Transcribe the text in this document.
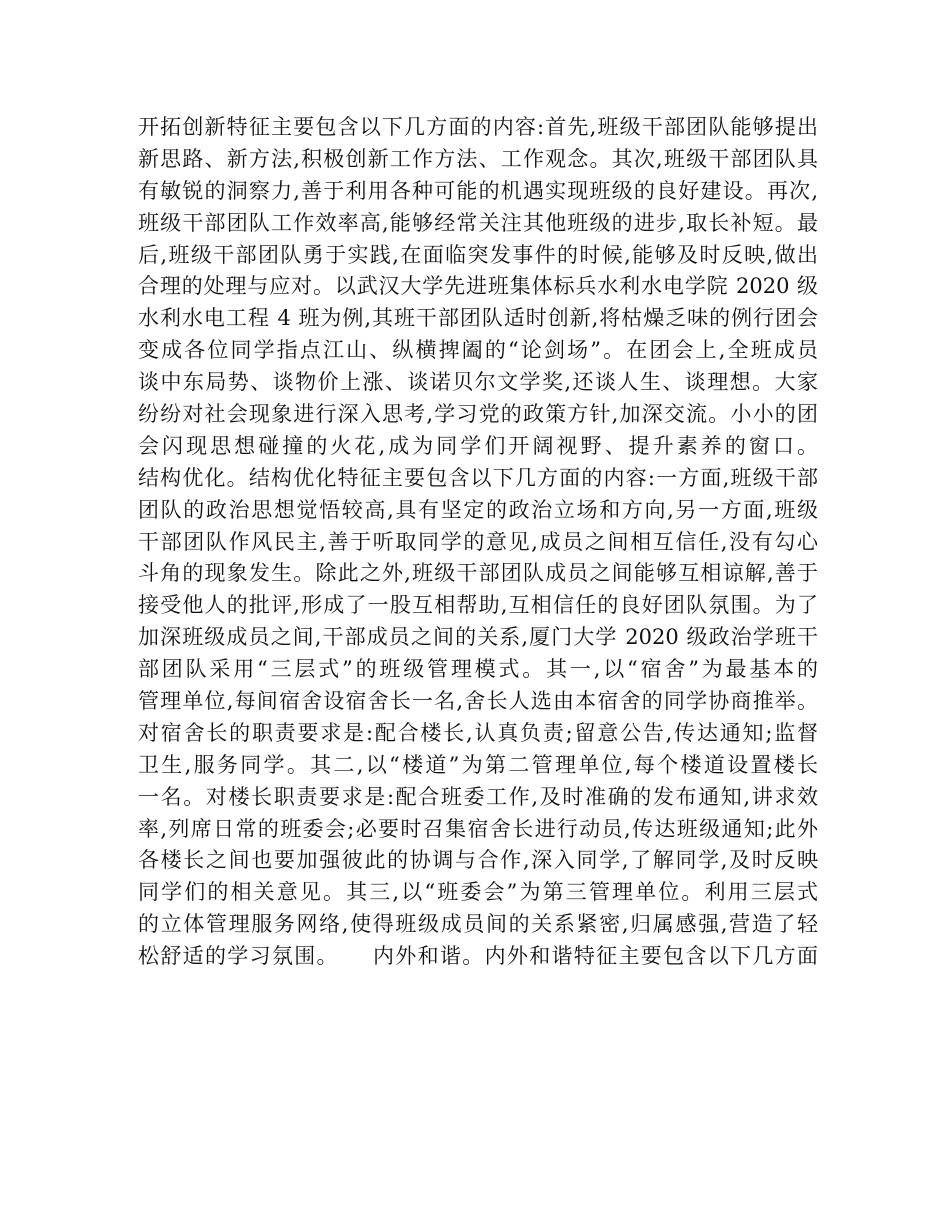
开拓创新特征主要包含以下几方面的内容:首先,班级干部团队能够提出
新思路、新方法,积极创新工作方法、工作观念。其次,班级干部团队具
有敏锐的洞察力,善于利用各种可能的机遇实现班级的良好建设。再次,
班级干部团队工作效率高,能够经常关注其他班级的进步,取长补短。最
后,班级干部团队勇于实践,在面临突发事件的时候,能够及时反映,做出
合理的处理与应对。以武汉大学先进班集体标兵水利水电学院 2020 级
水利水电工程 4 班为例,其班干部团队适时创新,将枯燥乏味的例行团会
变成各位同学指点江山、纵横捭阖的“论剑场”。在团会上,全班成员
谈中东局势、谈物价上涨、谈诺贝尔文学奖,还谈人生、谈理想。大家
纷纷对社会现象进行深入思考,学习党的政策方针,加深交流。小小的团
会闪现思想碰撞的火花,成为同学们开阔视野、提升素养的窗口。
结构优化。结构优化特征主要包含以下几方面的内容:一方面,班级干部
团队的政治思想觉悟较高,具有坚定的政治立场和方向,另一方面,班级
干部团队作风民主,善于听取同学的意见,成员之间相互信任,没有勾心
斗角的现象发生。除此之外,班级干部团队成员之间能够互相谅解,善于
接受他人的批评,形成了一股互相帮助,互相信任的良好团队氛围。为了
加深班级成员之间,干部成员之间的关系,厦门大学 2020 级政治学班干
部团队采用“三层式”的班级管理模式。其一,以“宿舍”为最基本的
管理单位,每间宿舍设宿舍长一名,舍长人选由本宿舍的同学协商推举。
对宿舍长的职责要求是:配合楼长,认真负责;留意公告,传达通知;监督
卫生,服务同学。其二,以“楼道”为第二管理单位,每个楼道设置楼长
一名。对楼长职责要求是:配合班委工作,及时准确的发布通知,讲求效
率,列席日常的班委会;必要时召集宿舍长进行动员,传达班级通知;此外
各楼长之间也要加强彼此的协调与合作,深入同学,了解同学,及时反映
同学们的相关意见。其三,以“班委会”为第三管理单位。利用三层式
的立体管理服务网络,使得班级成员间的关系紧密,归属感强,营造了轻
松舒适的学习氛围。　　内外和谐。内外和谐特征主要包含以下几方面
